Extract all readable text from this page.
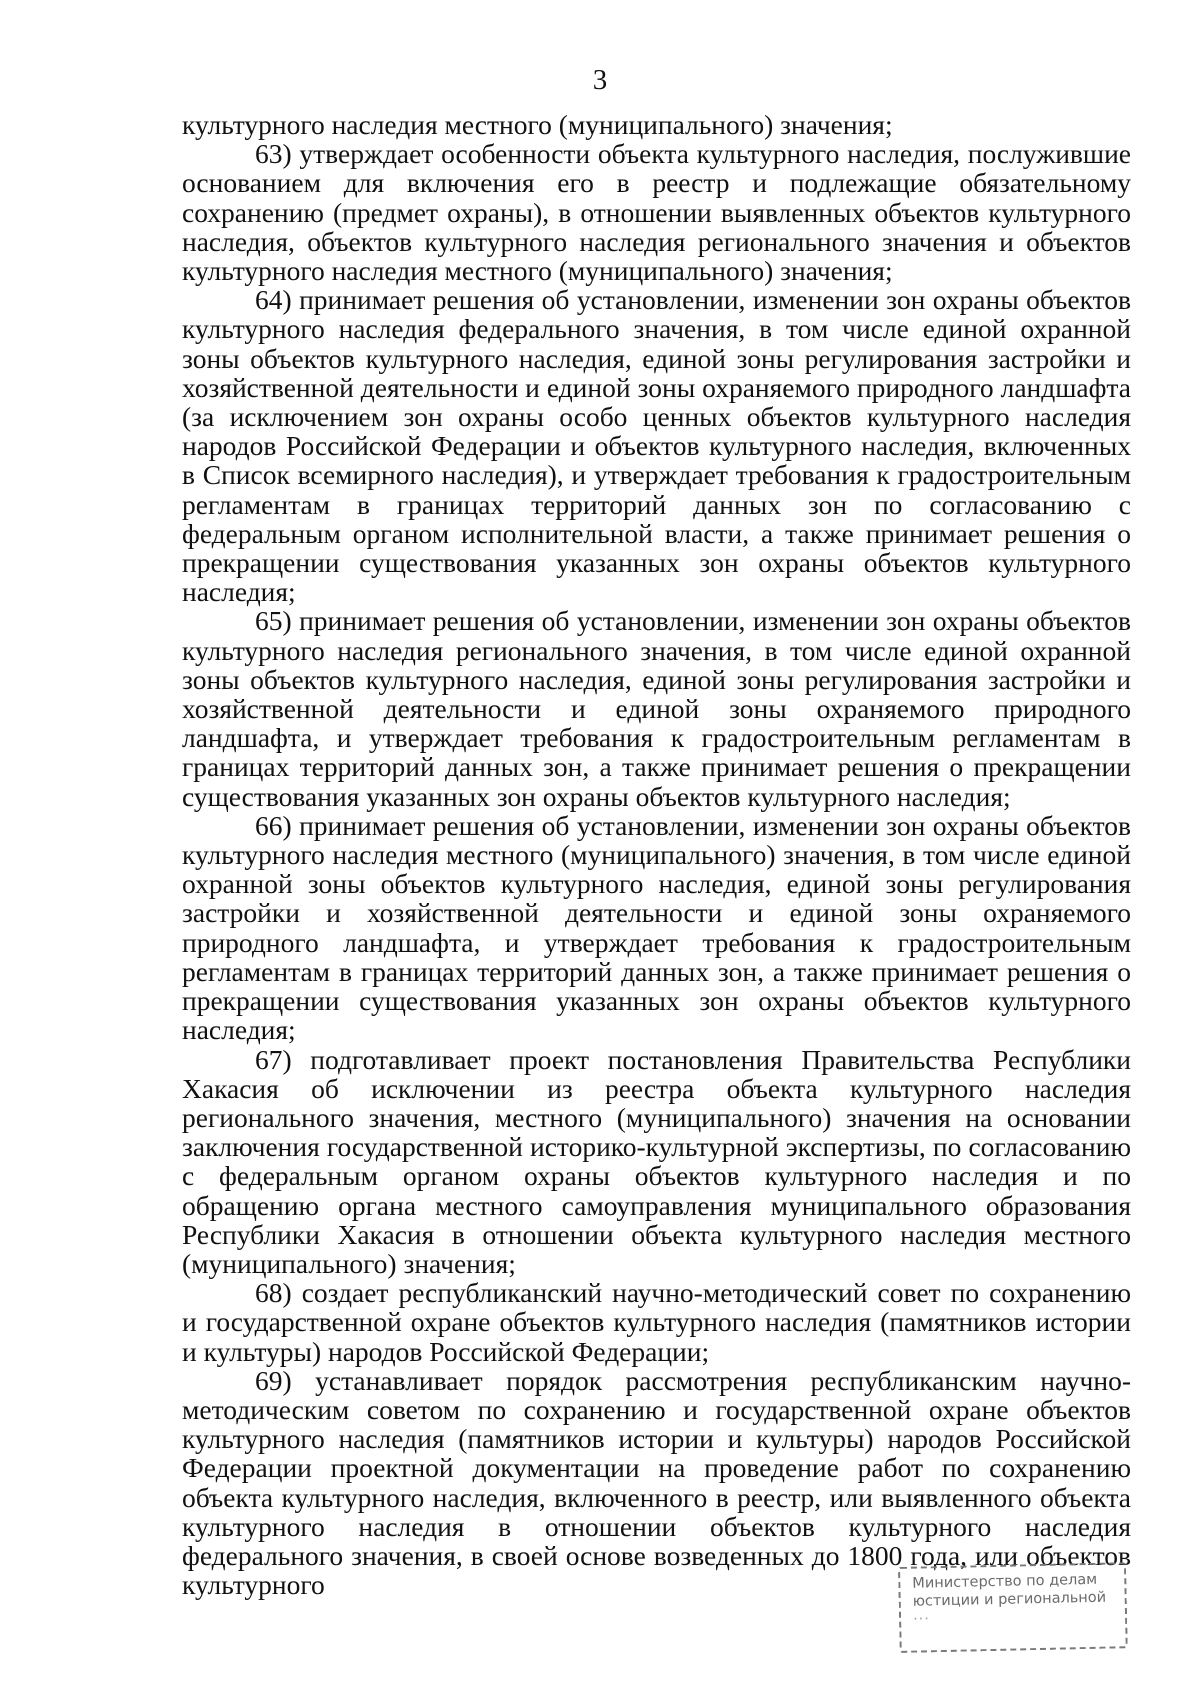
3

культурного наследия местного (муниципального) значения;

63) утверждает особенности объекта культурного наследия, послужившие основанием для включения его в реестр и подлежащие обязательному сохранению (предмет охраны), в отношении выявленных объектов культурного наследия, объектов культурного наследия регионального значения и объектов культурного наследия местного (муниципального) значения;

64) принимает решения об установлении, изменении зон охраны объектов культурного наследия федерального значения, в том числе единой охранной зоны объектов культурного наследия, единой зоны регулирования застройки и хозяйственной деятельности и единой зоны охраняемого природного ландшафта (за исключением зон охраны особо ценных объектов культурного наследия народов Российской Федерации и объектов культурного наследия, включенных в Список всемирного наследия), и утверждает требования к градостроительным регламентам в границах территорий данных зон по согласованию с федеральным органом исполнительной власти, а также принимает решения о прекращении существования указанных зон охраны объектов культурного наследия;

65) принимает решения об установлении, изменении зон охраны объектов культурного наследия регионального значения, в том числе единой охранной зоны объектов культурного наследия, единой зоны регулирования застройки и хозяйственной деятельности и единой зоны охраняемого природного ландшафта, и утверждает требования к градостроительным регламентам в границах территорий данных зон, а также принимает решения о прекращении существования указанных зон охраны объектов культурного наследия;

66) принимает решения об установлении, изменении зон охраны объектов культурного наследия местного (муниципального) значения, в том числе единой охранной зоны объектов культурного наследия, единой зоны регулирования застройки и хозяйственной деятельности и единой зоны охраняемого природного ландшафта, и утверждает требования к градостроительным регламентам в границах территорий данных зон, а также принимает решения о прекращении существования указанных зон охраны объектов культурного наследия;

67) подготавливает проект постановления Правительства Республики Хакасия об исключении из реестра объекта культурного наследия регионального значения, местного (муниципального) значения на основании заключения государственной историко-культурной экспертизы, по согласованию с федеральным органом охраны объектов культурного наследия и по обращению органа местного самоуправления муниципального образования Республики Хакасия в отношении объекта культурного наследия местного (муниципального) значения;

68) создает республиканский научно-методический совет по сохранению и государственной охране объектов культурного наследия (памятников истории и культуры) народов Российской Федерации;

69) устанавливает порядок рассмотрения республиканским научно-методическим советом по сохранению и государственной охране объектов культурного наследия (памятников истории и культуры) народов Российской Федерации проектной документации на проведение работ по сохранению объекта культурного наследия, включенного в реестр, или выявленного объекта культурного наследия в отношении объектов культурного наследия федерального значения, в своей основе возведенных до 1800 года, или объектов культурного	Министерство по делам
юстиции и региональной
···
